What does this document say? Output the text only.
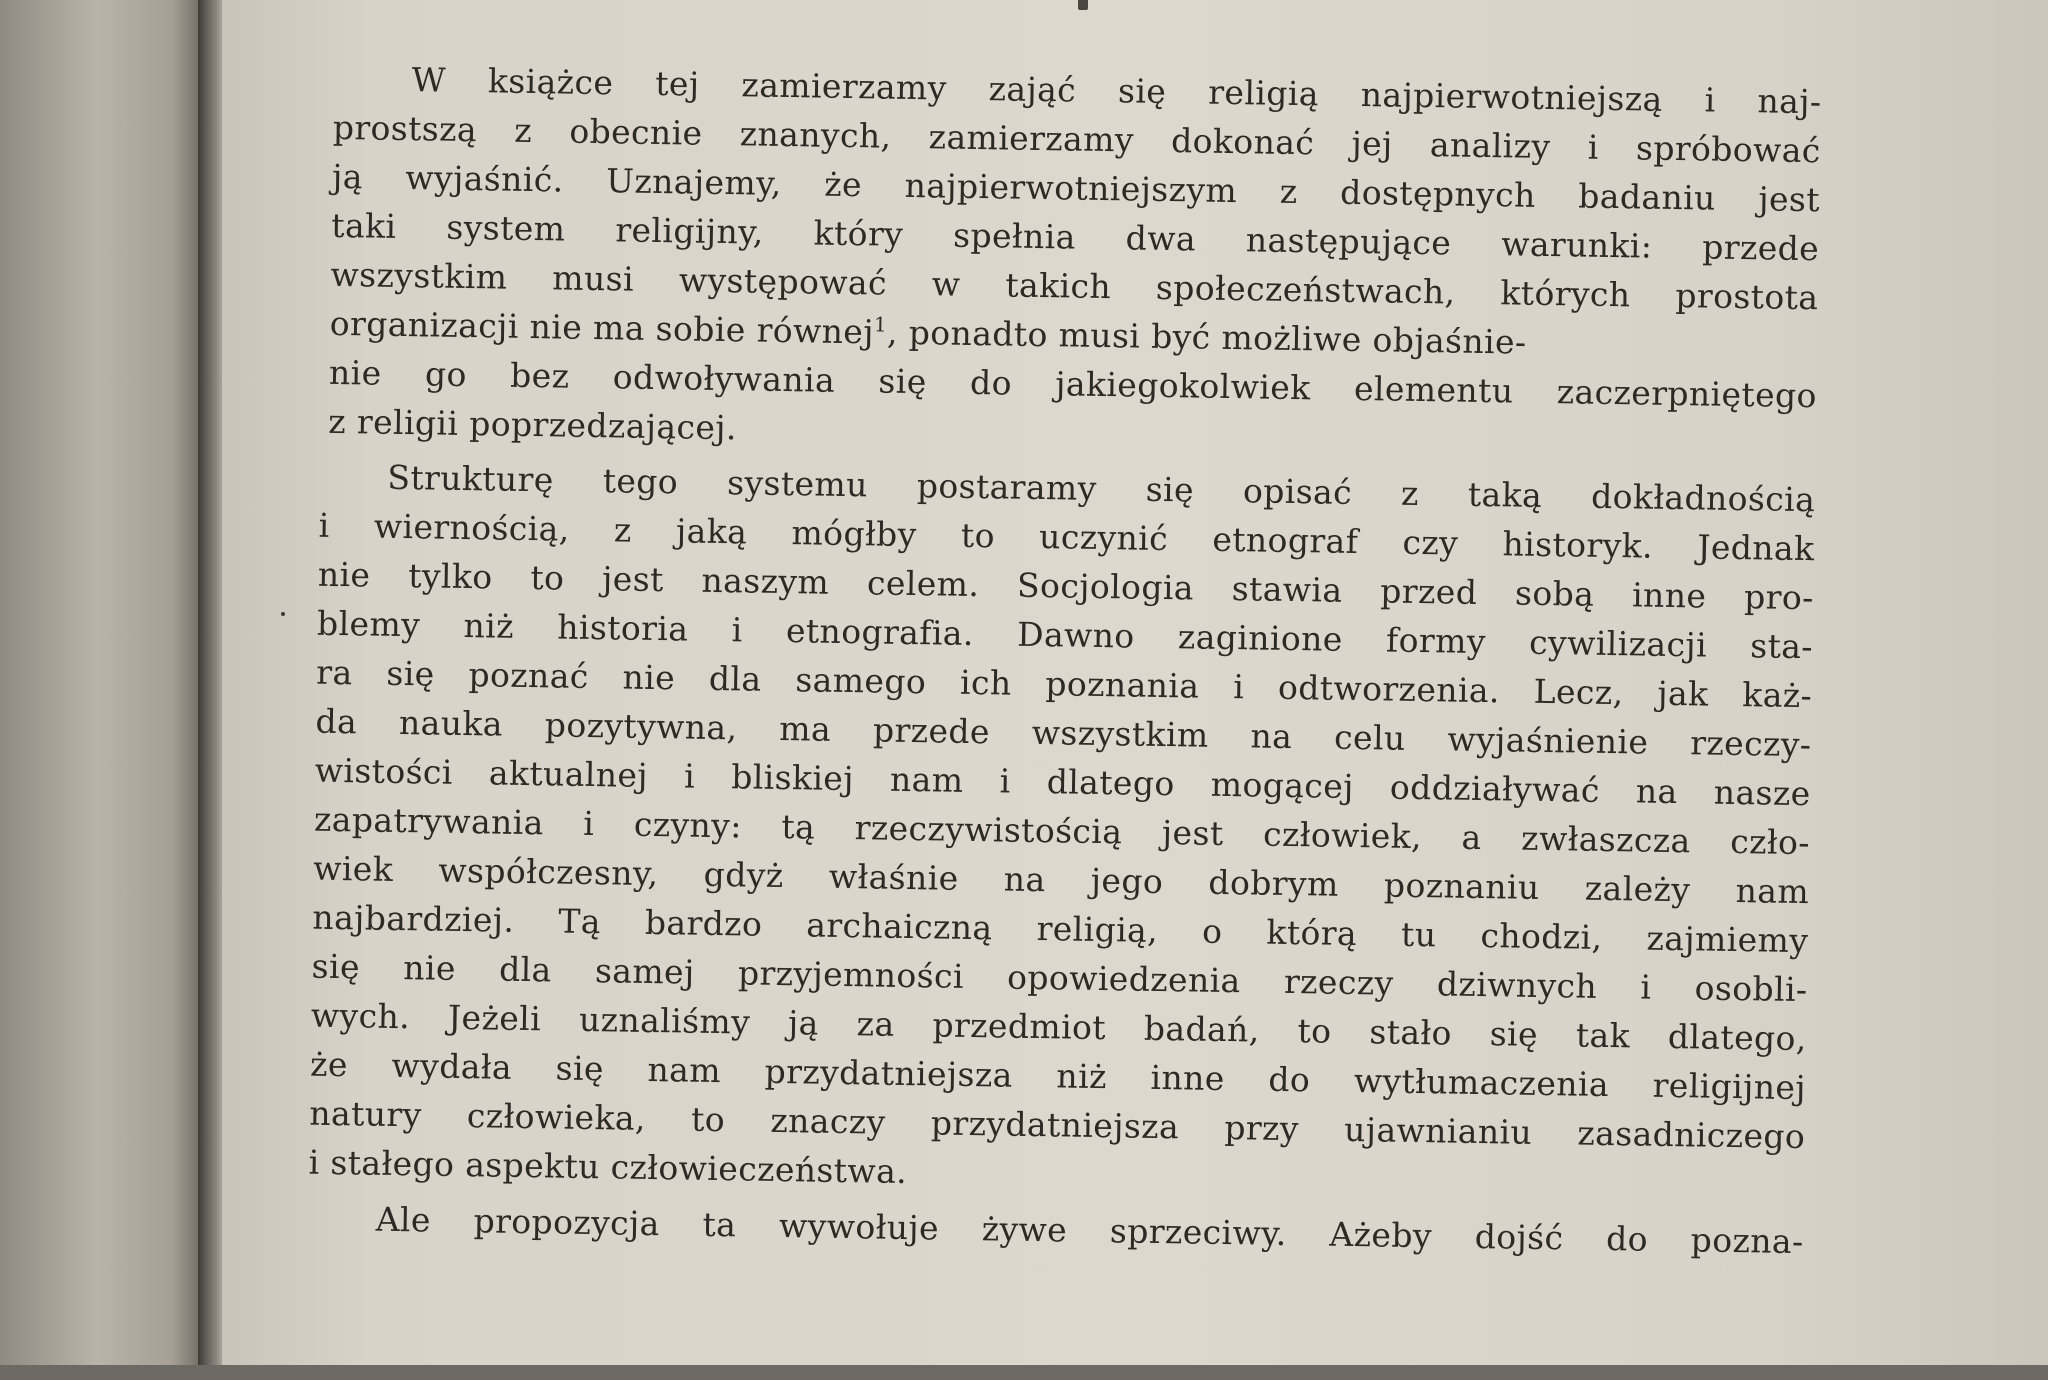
W książce tej zamierzamy zająć się religią najpierwotniejszą i naj-
prostszą z obecnie znanych, zamierzamy dokonać jej analizy i spróbować
ją wyjaśnić. Uznajemy, że najpierwotniejszym z dostępnych badaniu jest
taki system religijny, który spełnia dwa następujące warunki: przede
wszystkim musi występować w takich społeczeństwach, których prostota
organizacji nie ma sobie równej$^1$, ponadto musi być możliwe objaśnie-
nie go bez odwoływania się do jakiegokolwiek elementu zaczerpniętego
z religii poprzedzającej.
Strukturę tego systemu postaramy się opisać z taką dokładnością
i wiernością, z jaką mógłby to uczynić etnograf czy historyk. Jednak
nie tylko to jest naszym celem. Socjologia stawia przed sobą inne pro-
blemy niż historia i etnografia. Dawno zaginione formy cywilizacji sta-
ra się poznać nie dla samego ich poznania i odtworzenia. Lecz, jak każ-
da nauka pozytywna, ma przede wszystkim na celu wyjaśnienie rzeczy-
wistości aktualnej i bliskiej nam i dlatego mogącej oddziaływać na nasze
zapatrywania i czyny: tą rzeczywistością jest człowiek, a zwłaszcza czło-
wiek współczesny, gdyż właśnie na jego dobrym poznaniu zależy nam
najbardziej. Tą bardzo archaiczną religią, o którą tu chodzi, zajmiemy
się nie dla samej przyjemności opowiedzenia rzeczy dziwnych i osobli-
wych. Jeżeli uznaliśmy ją za przedmiot badań, to stało się tak dlatego,
że wydała się nam przydatniejsza niż inne do wytłumaczenia religijnej
natury człowieka, to znaczy przydatniejsza przy ujawnianiu zasadniczego
i stałego aspektu człowieczeństwa.
Ale propozycja ta wywołuje żywe sprzeciwy. Ażeby dojść do pozna-
